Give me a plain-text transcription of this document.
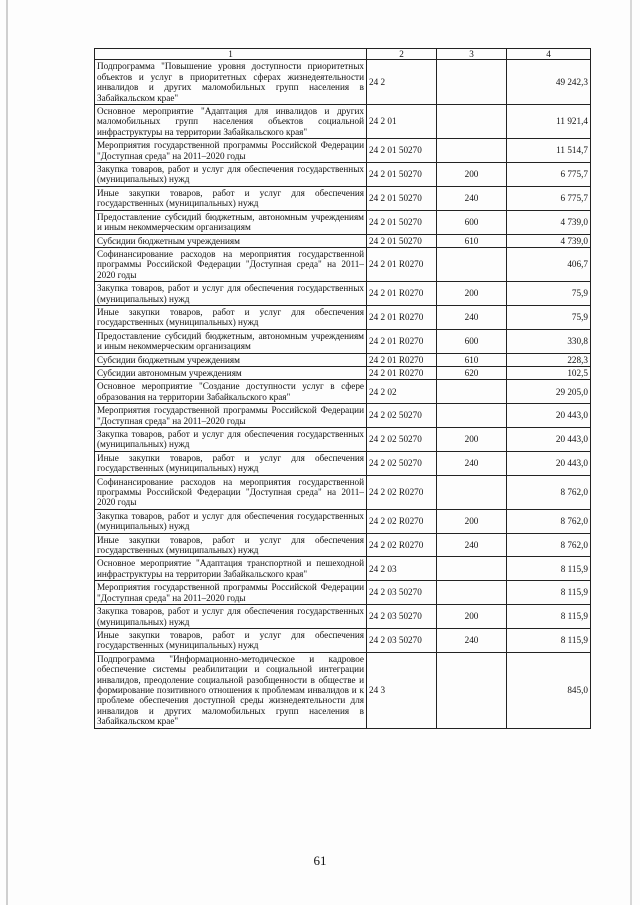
1	2	3	4
Подпрограмма "Повышение уровня доступности приоритетных объектов и услуг в приоритетных сферах жизнедеятельности инвалидов и других маломобильных групп населения в Забайкальском крае"	24 2		49 242,3
Основное мероприятие "Адаптация для инвалидов и других маломобильных групп населения объектов социальной инфраструктуры на территории Забайкальского края"	24 2 01		11 921,4
Мероприятия государственной программы Российской Федерации "Доступная среда" на 2011–2020 годы	24 2 01 50270		11 514,7
Закупка товаров, работ и услуг для обеспечения государственных (муниципальных) нужд	24 2 01 50270	200	6 775,7
Иные закупки товаров, работ и услуг для обеспечения государственных (муниципальных) нужд	24 2 01 50270	240	6 775,7
Предоставление субсидий бюджетным, автономным учреждениям и иным некоммерческим организациям	24 2 01 50270	600	4 739,0
Субсидии бюджетным учреждениям	24 2 01 50270	610	4 739,0
Софинансирование расходов на мероприятия государственной программы Российской Федерации "Доступная среда" на 2011–2020 годы	24 2 01 R0270		406,7
Закупка товаров, работ и услуг для обеспечения государственных (муниципальных) нужд	24 2 01 R0270	200	75,9
Иные закупки товаров, работ и услуг для обеспечения государственных (муниципальных) нужд	24 2 01 R0270	240	75,9
Предоставление субсидий бюджетным, автономным учреждениям и иным некоммерческим организациям	24 2 01 R0270	600	330,8
Субсидии бюджетным учреждениям	24 2 01 R0270	610	228,3
Субсидии автономным учреждениям	24 2 01 R0270	620	102,5
Основное мероприятие "Создание доступности услуг в сфере образования на территории Забайкальского края"	24 2 02		29 205,0
Мероприятия государственной программы Российской Федерации "Доступная среда" на 2011–2020 годы	24 2 02 50270		20 443,0
Закупка товаров, работ и услуг для обеспечения государственных (муниципальных) нужд	24 2 02 50270	200	20 443,0
Иные закупки товаров, работ и услуг для обеспечения государственных (муниципальных) нужд	24 2 02 50270	240	20 443,0
Софинансирование расходов на мероприятия государственной программы Российской Федерации "Доступная среда" на 2011–2020 годы	24 2 02 R0270		8 762,0
Закупка товаров, работ и услуг для обеспечения государственных (муниципальных) нужд	24 2 02 R0270	200	8 762,0
Иные закупки товаров, работ и услуг для обеспечения государственных (муниципальных) нужд	24 2 02 R0270	240	8 762,0
Основное мероприятие "Адаптация транспортной и пешеходной инфраструктуры на территории Забайкальского края"	24 2 03		8 115,9
Мероприятия государственной программы Российской Федерации "Доступная среда" на 2011–2020 годы	24 2 03 50270		8 115,9
Закупка товаров, работ и услуг для обеспечения государственных (муниципальных) нужд	24 2 03 50270	200	8 115,9
Иные закупки товаров, работ и услуг для обеспечения государственных (муниципальных) нужд	24 2 03 50270	240	8 115,9
Подпрограмма "Информационно-методическое и кадровое обеспечение системы реабилитации и социальной интеграции инвалидов, преодоление социальной разобщенности в обществе и формирование позитивного отношения к проблемам инвалидов и к проблеме обеспечения доступной среды жизнедеятельности для инвалидов и других маломобильных групп населения в Забайкальском крае"	24 3		845,0
61
